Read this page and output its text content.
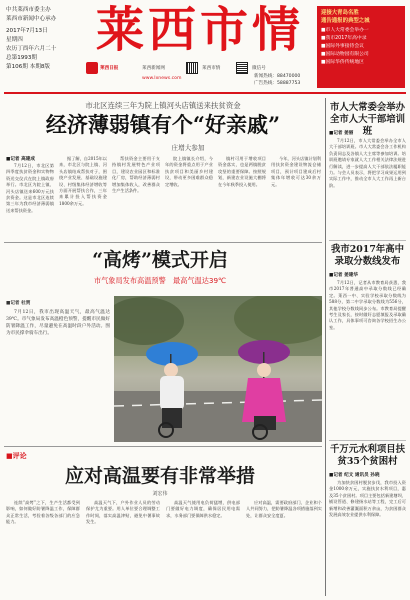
中共莱西市委主办
莱西市新闻中心承办
2017年7月13日
星期四
农历丁酉年六月二十
总第1993期
第106期 本期8版
莱西市情
莱西日报	莱西新闻网	莱西市情	微信号
www.lxnews.com	新闻热线：88470000
广告热线：58887753
迎接大青岛名胜
通告通报的典型之城
■市人大常委会举办一
■我市2017年高中录
■国际外事接待会议
■国际动物园有限公司
■国际华侨传统地区
市北区连续三年为院上镇河头店镇送来扶贫资金
经济薄弱镇有个“好亲戚”
庄增大参加
■记者 高建成

7月12日，市北区第四季度扶贫资金和实物物资送交仪式在院上镇政府举行。市北区为院上镇、河头店镇送来600万元扶贫资金。这是市北区连续第三年为我市经济薄弱镇送来帮扶资金。

据了解，自2015年以来，市北区与院上镇、河头店镇结成帮扶对子，围绕产业发展、基础设施建设、村级集体经济增收等方面开展帮扶合作，三年来累计投入帮扶资金1800余万元。

帮扶资金主要用于支持镇村发展特色产业项目，建设农业园区和标准化厂房，帮助经济薄弱村增加集体收入，改善群众生产生活条件。

院上镇镇长介绍，今年的资金将重点用于产业扶贫项目和美丽乡村建设，带动更多困难群众稳定增收。

镇村可用于增收项目资金落实，也是两镇脱贫攻坚的重要保障。按照规划，新建农业设施大棚将在今年秋季投入使用。

今年，河头店镇计划利用扶贫资金建设物流仓储项目，预计项目建成后村集体年增收可达30余万元。

“高烤”模式开启
市气象局发布高温预警　最高气温达39℃
■记者 杜贾

7月12日，我市出现高温天气，最高气温达39℃。市气象局发布高温橙色预警，提醒市民做好防暑降温工作，尽量避免在高温时段户外活动。图为市民撑伞骑车出行。

■评论
应对高温要有非常举措
刘宏伟

连续“高烤”之下，生产生活都受到影响，如何做好防暑降温工作，保障群众正常生活，考验着各级各部门的应急能力。

高温天气下，户外作业人员的劳动保护尤为重要。用人单位要合理调整工作时间，落实高温津贴，避免中暑事故发生。

高温天气使用电负荷猛增，供电部门要做好电力调度，确保居民用电需求，水务部门要保障供水稳定。

应对高温，需要政府部门、企业和个人共同努力，把防暑降温各项措施落到实处，让群众安全度夏。

市人大常委会举办全市人大干部培训班
■记者 姜丽

7月12日，市人大常委会举办全市人大干部培训班。市人大常委会各工作机构负责同志及各镇人大主席等参加培训。培训班邀请专家就人大工作相关法律法规进行解读，进一步提高人大干部依法履职能力。与会人员表示，将把学习成果运用到实际工作中，推动全市人大工作再上新台阶。

我市2017年高中录取分数线发布
■记者 姜建华

7月12日，记者从市教育局获悉，我市2017年普通高中录取分数线已经确定。莱西一中、实验学校录取分数线为588分，第二中学录取分数线为556分，其他学校分数线同步公布。市教育局提醒考生及家长，按时做好志愿填报及录取确认工作，具体事项可咨询各学校招生办公室。

千万元水利项目扶贫35个贫困村
■记者 纪文 通讯员 孙晓

为加快贫困村脱贫步伐，我市投入资金1000余万元，实施扶贫水利项目，惠及35个贫困村。项目主要包括新建塘坝、铺设管道、修建扬水站等工程，完工后可新增和改善灌溉面积万余亩，为贫困群众发展高效农业提供水利保障。
